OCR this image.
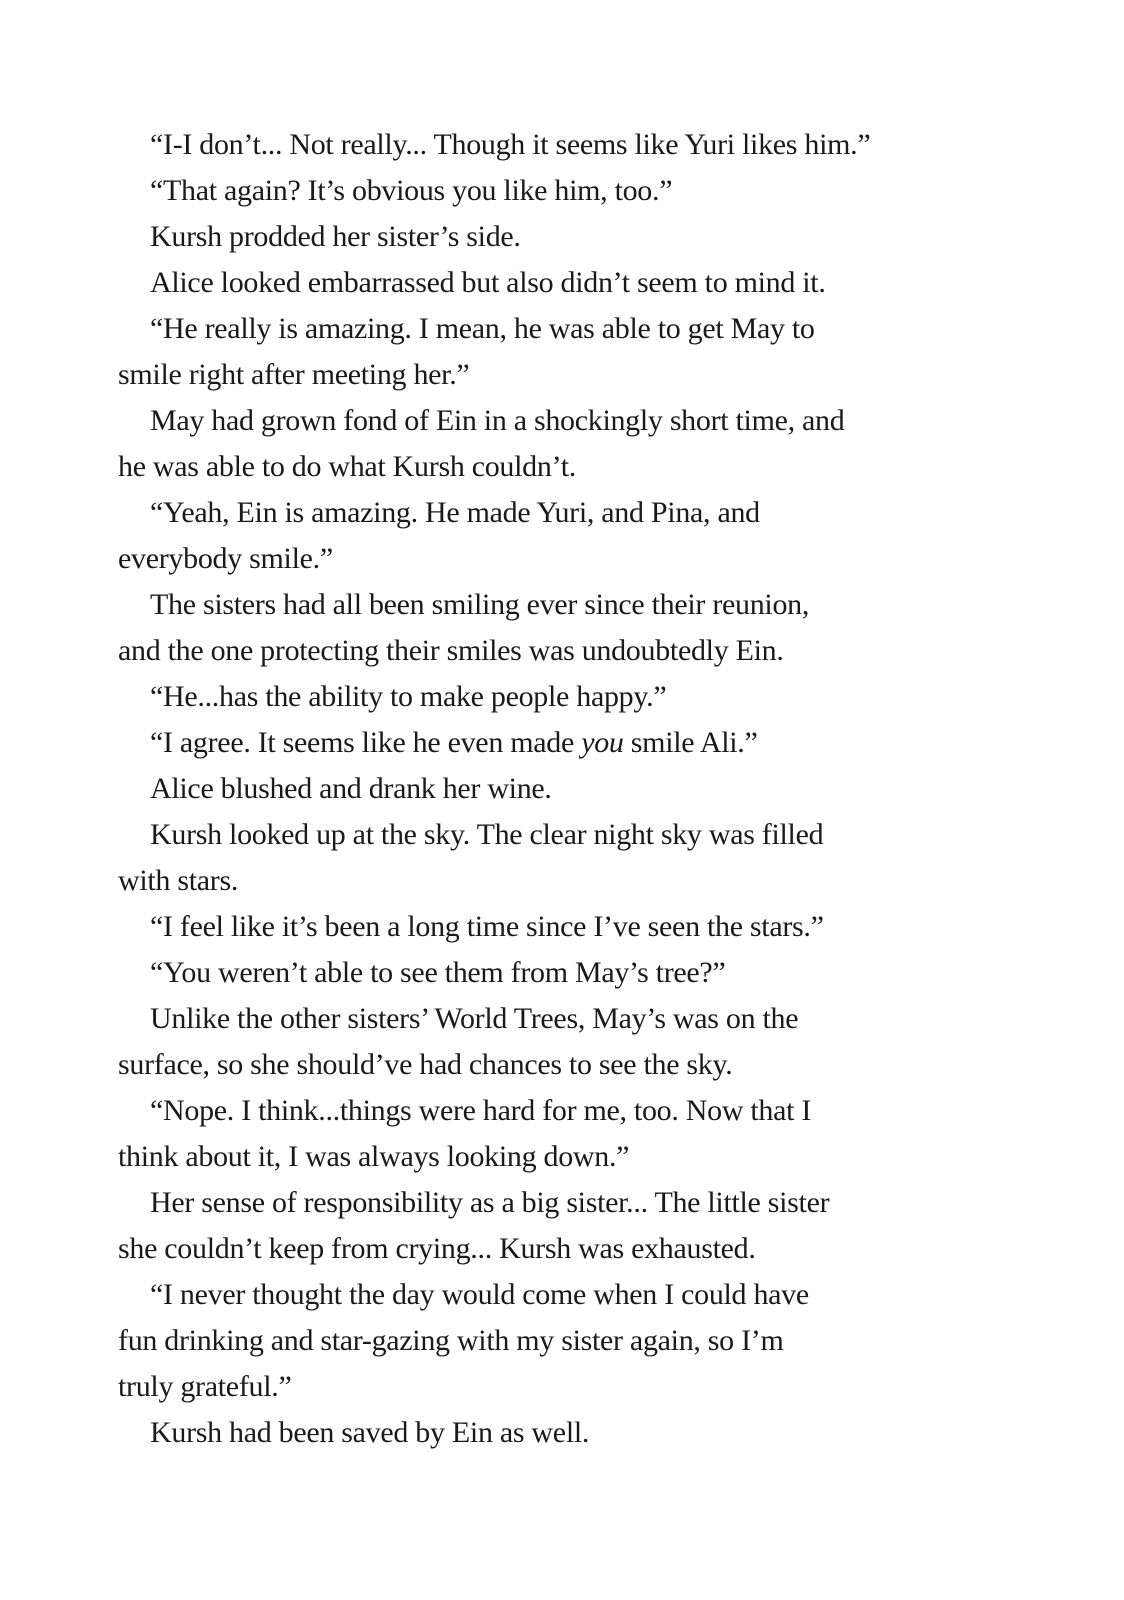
“I-I don’t... Not really... Though it seems like Yuri likes him.”

“That again? It’s obvious you like him, too.”

Kursh prodded her sister’s side.

Alice looked embarrassed but also didn’t seem to mind it.

“He really is amazing. I mean, he was able to get May to
smile right after meeting her.”

May had grown fond of Ein in a shockingly short time, and
he was able to do what Kursh couldn’t.

“Yeah, Ein is amazing. He made Yuri, and Pina, and
everybody smile.”

The sisters had all been smiling ever since their reunion,
and the one protecting their smiles was undoubtedly Ein.

“He...has the ability to make people happy.”

“I agree. It seems like he even made you smile Ali.”

Alice blushed and drank her wine.

Kursh looked up at the sky. The clear night sky was filled
with stars.

“I feel like it’s been a long time since I’ve seen the stars.”

“You weren’t able to see them from May’s tree?”

Unlike the other sisters’ World Trees, May’s was on the
surface, so she should’ve had chances to see the sky.

“Nope. I think...things were hard for me, too. Now that I
think about it, I was always looking down.”

Her sense of responsibility as a big sister... The little sister
she couldn’t keep from crying... Kursh was exhausted.

“I never thought the day would come when I could have
fun drinking and star-gazing with my sister again, so I’m
truly grateful.”

Kursh had been saved by Ein as well.
